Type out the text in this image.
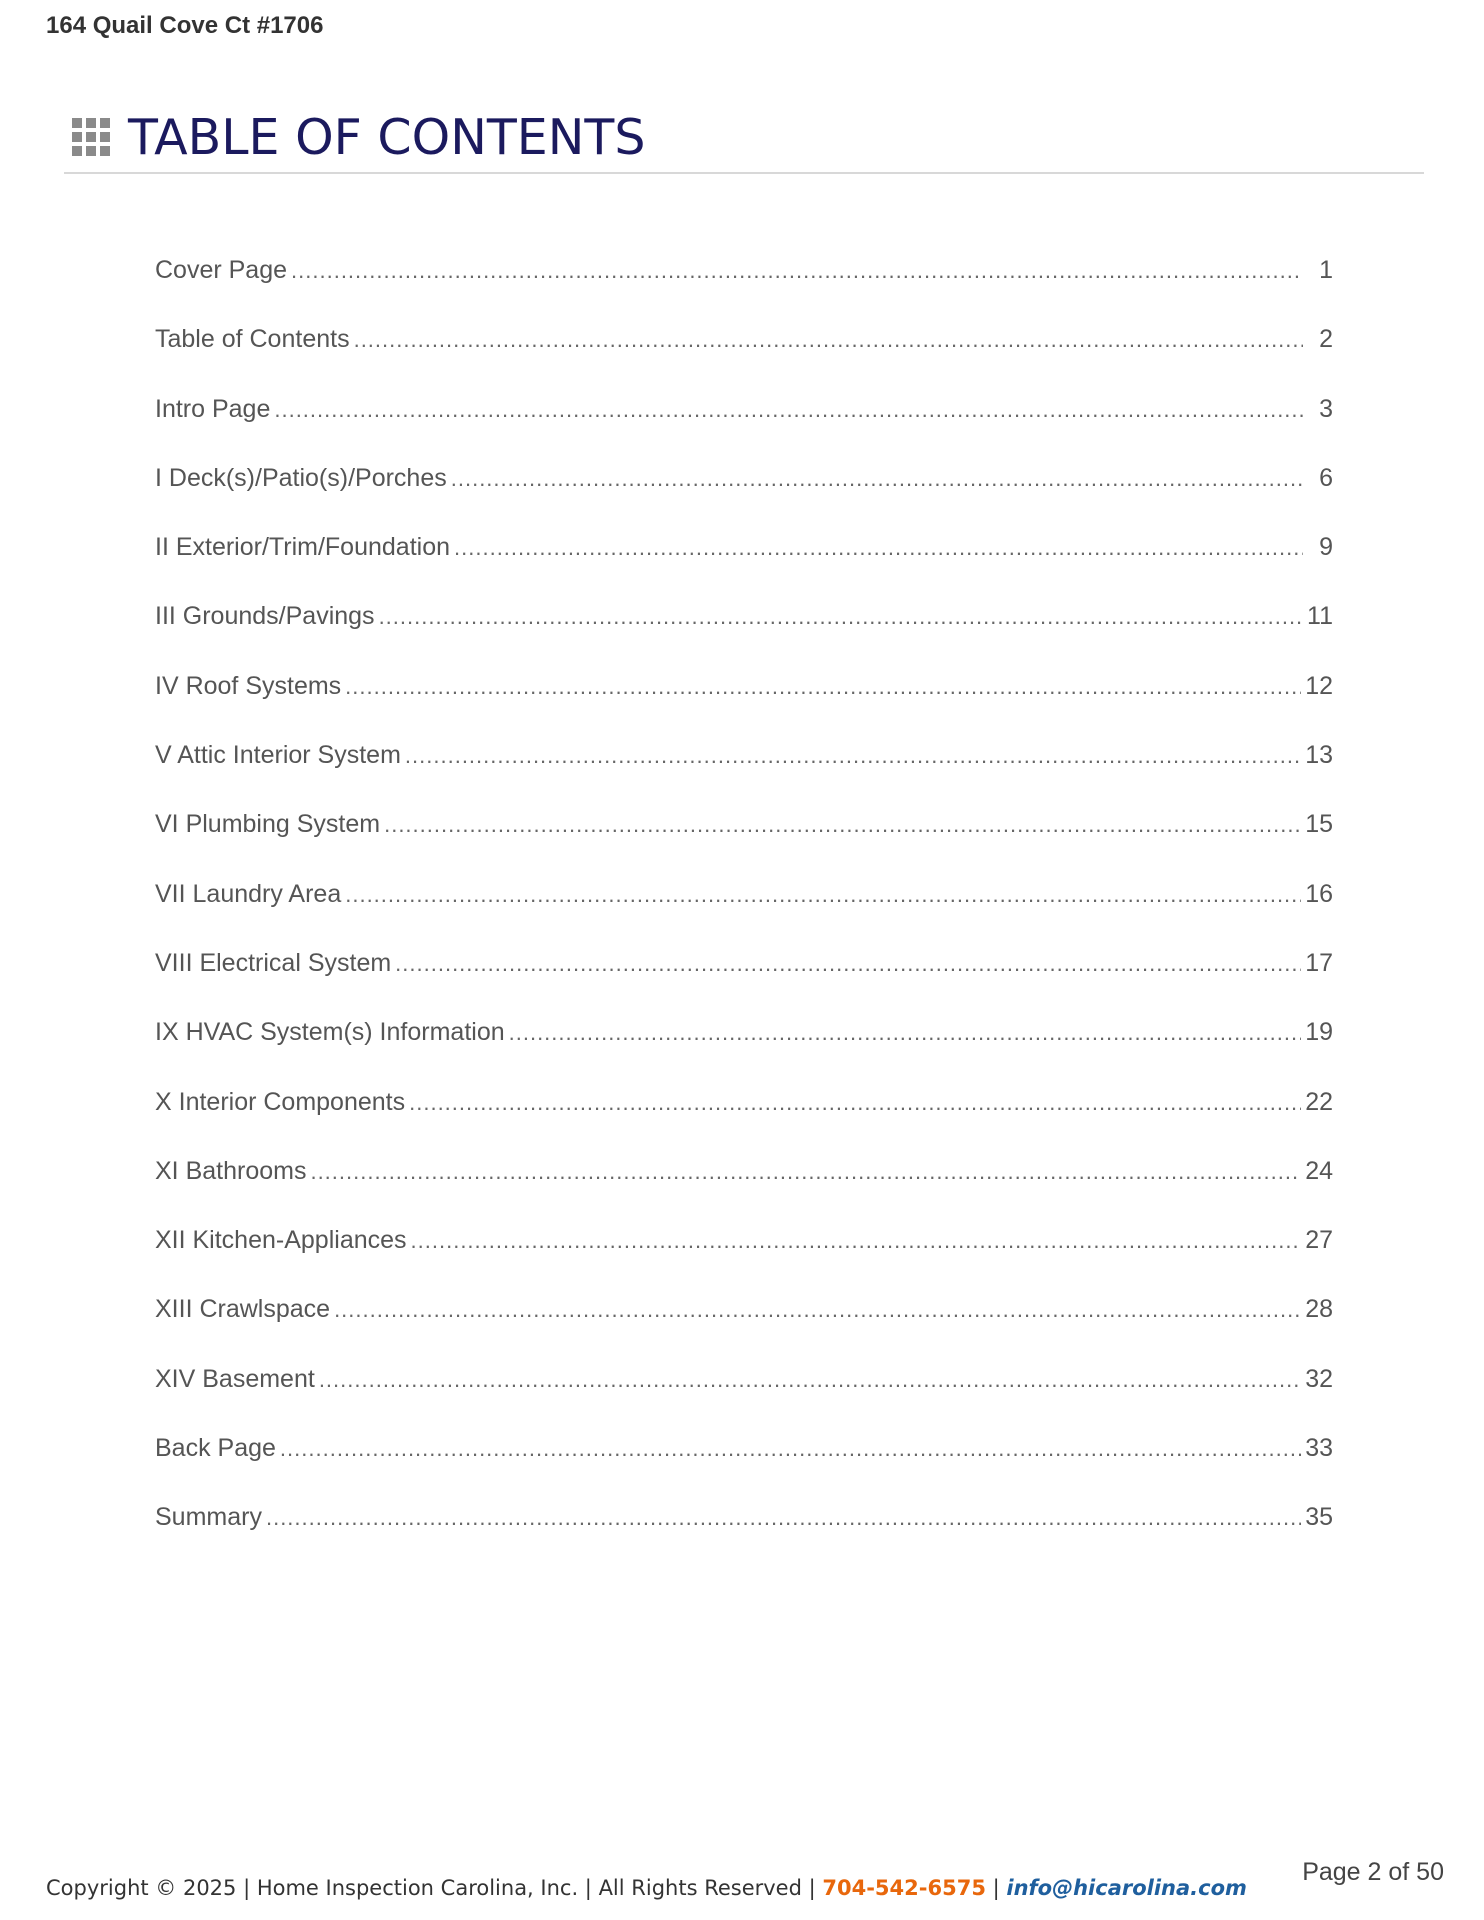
164 Quail Cove Ct #1706
TABLE OF CONTENTS
Cover Page .....	1
Table of Contents .....	2
Intro Page .....	3
I Deck(s)/Patio(s)/Porches .....	6
II Exterior/Trim/Foundation .....	9
III Grounds/Pavings .....	11
IV Roof Systems .....	12
V Attic Interior System .....	13
VI Plumbing System .....	15
VII Laundry Area .....	16
VIII Electrical System .....	17
IX HVAC System(s) Information .....	19
X Interior Components .....	22
XI Bathrooms .....	24
XII Kitchen-Appliances .....	27
XIII Crawlspace .....	28
XIV Basement .....	32
Back Page .....	33
Summary .....	35
Copyright © 2025 | Home Inspection Carolina, Inc. | All Rights Reserved | 704-542-6575 | info@hicarolina.com
Page 2 of 50
